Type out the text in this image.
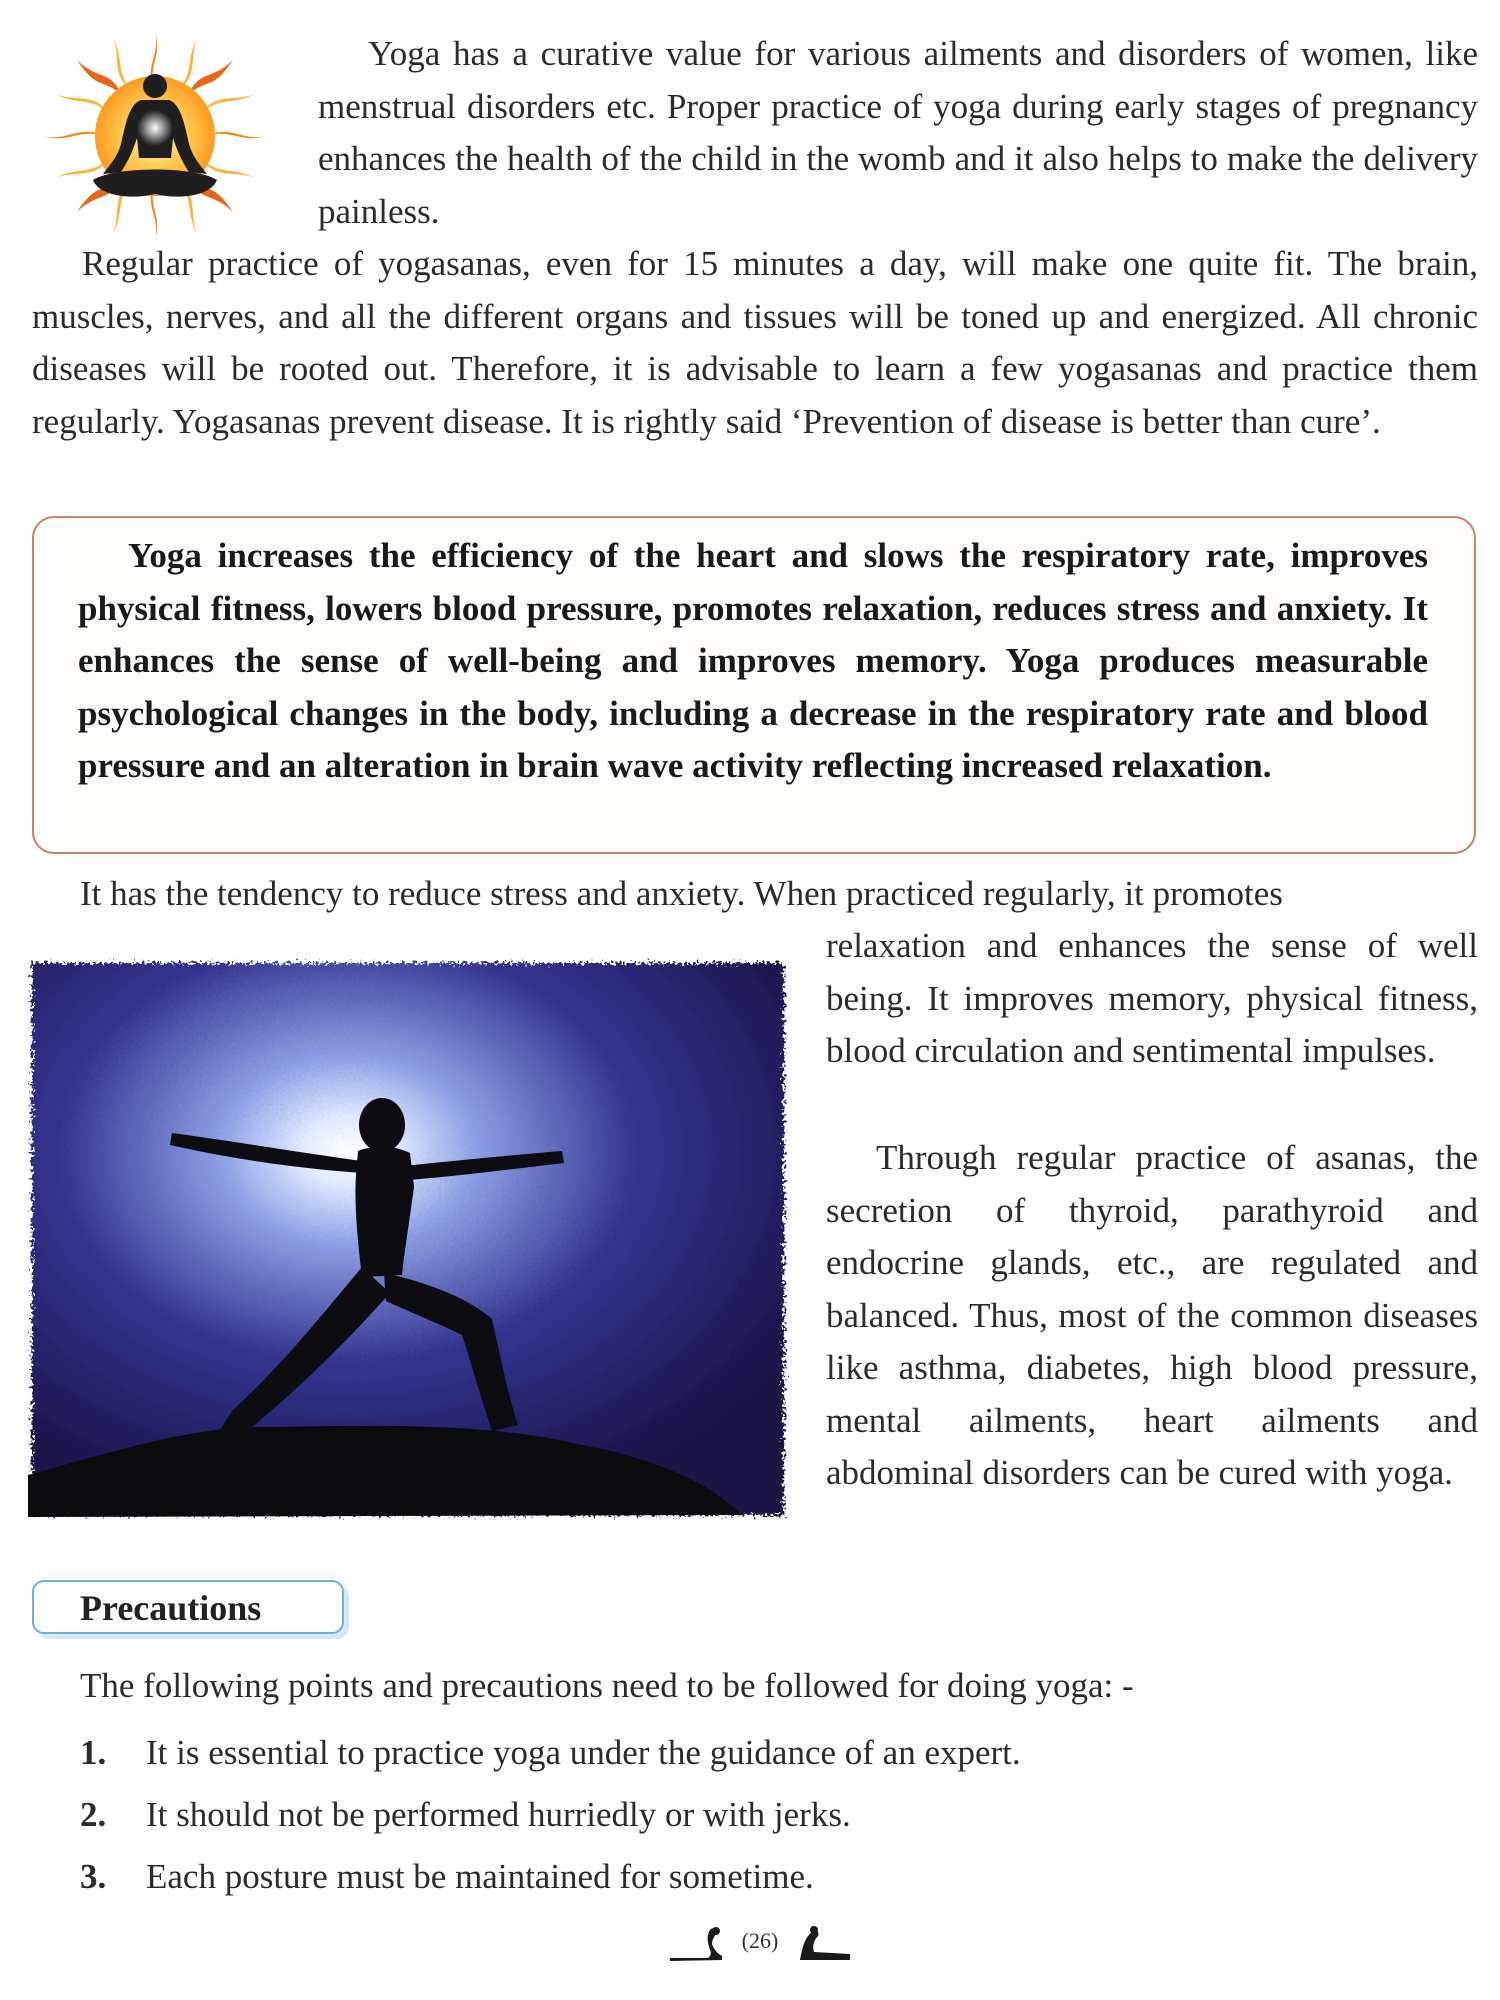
Yoga has a curative value for various ailments and disorders of women, like menstrual disorders etc. Proper practice of yoga during early stages of pregnancy enhances the health of the child in the womb and it also helps to make the delivery painless.

Regular practice of yogasanas, even for 15 minutes a day, will make one quite fit. The brain, muscles, nerves, and all the different organs and tissues will be toned up and energized. All chronic diseases will be rooted out. Therefore, it is advisable to learn a few yogasanas and practice them regularly. Yogasanas prevent disease. It is rightly said ‘Prevention of disease is better than cure’.

Yoga increases the efficiency of the heart and slows the respiratory rate, improves physical fitness, lowers blood pressure, promotes relaxation, reduces stress and anxiety. It enhances the sense of well-being and improves memory. Yoga produces measurable psychological changes in the body, including a decrease in the respiratory rate and blood pressure and an alteration in brain wave activity reflecting increased relaxation.

It has the tendency to reduce stress and anxiety. When practiced regularly, it promotes

relaxation and enhances the sense of well being. It improves memory, physical fitness, blood circulation and sentimental impulses.

Through regular practice of asanas, the secretion of thyroid, parathyroid and endocrine glands, etc., are regulated and balanced. Thus, most of the common diseases like asthma, diabetes, high blood pressure, mental ailments, heart ailments and abdominal disorders can be cured with yoga.

Precautions

The following points and precautions need to be followed for doing yoga: -

1. It is essential to practice yoga under the guidance of an expert.
2. It should not be performed hurriedly or with jerks.
3. Each posture must be maintained for sometime.
(26)
